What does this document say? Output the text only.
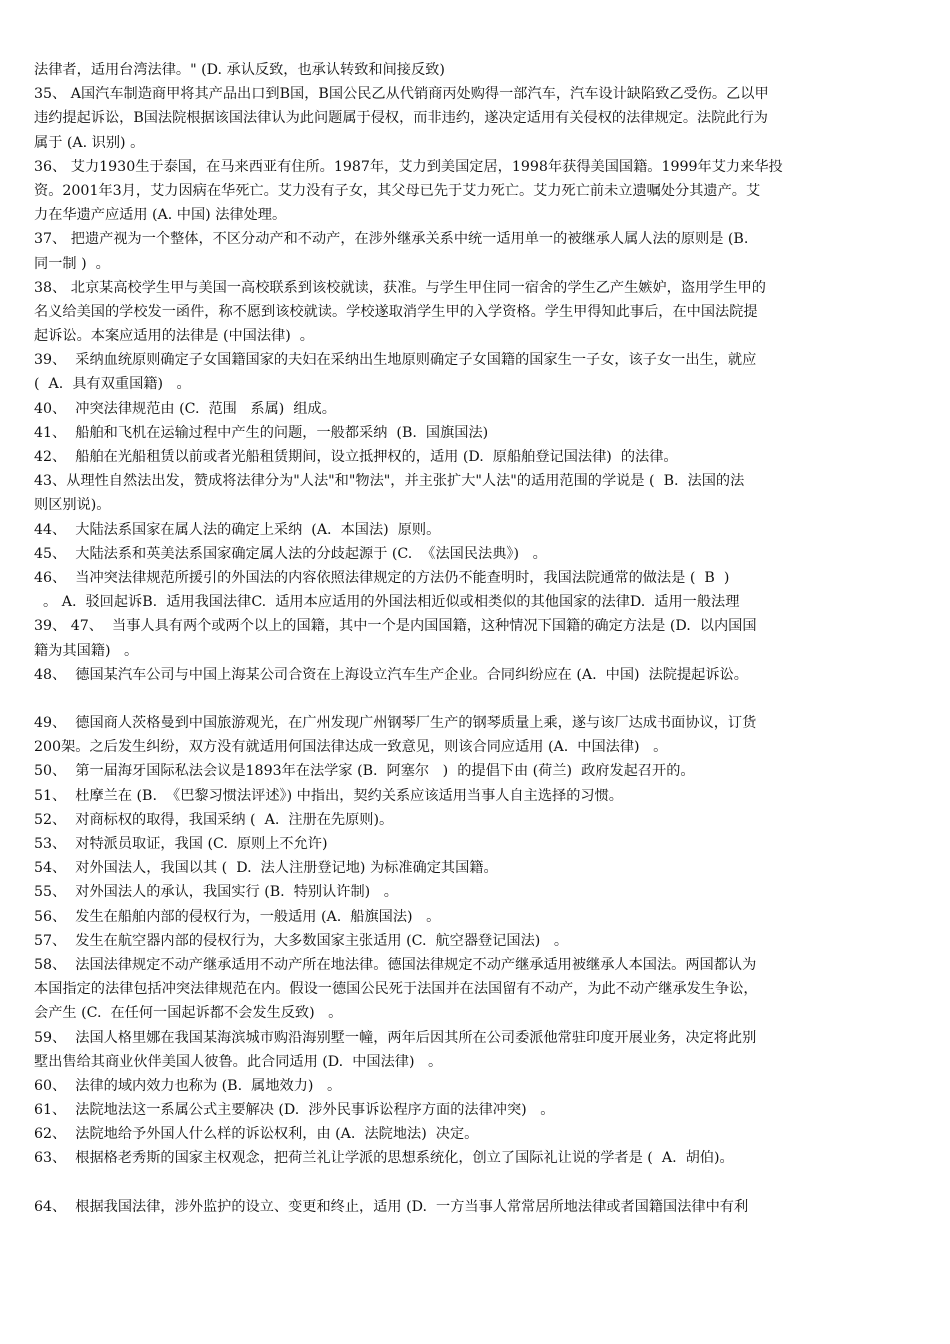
法律者，适用台湾法律。" (D. 承认反致，也承认转致和间接反致)
35、 A国汽车制造商甲将其产品出口到B国，B国公民乙从代销商丙处购得一部汽车，汽车设计缺陷致乙受伤。乙以甲
违约提起诉讼，B国法院根据该国法律认为此问题属于侵权，而非违约，遂决定适用有关侵权的法律规定。法院此行为
属于 (A. 识别) 。
36、 艾力1930生于泰国，在马来西亚有住所。1987年，艾力到美国定居，1998年获得美国国籍。1999年艾力来华投
资。2001年3月，艾力因病在华死亡。艾力没有子女，其父母已先于艾力死亡。艾力死亡前未立遗嘱处分其遗产。艾
力在华遗产应适用 (A. 中国) 法律处理。
37、 把遗产视为一个整体，不区分动产和不动产，在涉外继承关系中统一适用单一的被继承人属人法的原则是 (B.
同一制 )  。
38、 北京某高校学生甲与美国一高校联系到该校就读，获准。与学生甲住同一宿舍的学生乙产生嫉妒，盗用学生甲的
名义给美国的学校发一函件，称不愿到该校就读。学校遂取消学生甲的入学资格。学生甲得知此事后，在中国法院提
起诉讼。本案应适用的法律是 (中国法律)  。
39、  采纳血统原则确定子女国籍国家的夫妇在采纳出生地原则确定子女国籍的国家生一子女，该子女一出生，就应
(  A.  具有双重国籍)   。
40、  冲突法律规范由 (C.  范围   系属)  组成。
41、  船舶和飞机在运输过程中产生的问题，一般都采纳  (B.  国旗国法)
42、  船舶在光船租赁以前或者光船租赁期间，设立抵押权的，适用 (D.  原船舶登记国法律)  的法律。
43、从理性自然法出发，赞成将法律分为"人法"和"物法"，并主张扩大"人法"的适用范围的学说是 (  B.  法国的法
则区别说)。
44、  大陆法系国家在属人法的确定上采纳  (A.  本国法)  原则。
45、  大陆法系和英美法系国家确定属人法的分歧起源于 (C.  《法国民法典》)   。
46、  当冲突法律规范所援引的外国法的内容依照法律规定的方法仍不能查明时，我国法院通常的做法是 (  B  )
。 A.  驳回起诉B.  适用我国法律C.  适用本应适用的外国法相近似或相类似的其他国家的法律D.  适用一般法理
39、 47、  当事人具有两个或两个以上的国籍，其中一个是内国国籍，这种情况下国籍的确定方法是 (D.  以内国国
籍为其国籍)   。
48、  德国某汽车公司与中国上海某公司合资在上海设立汽车生产企业。合同纠纷应在 (A.  中国)  法院提起诉讼。
49、  德国商人茨格曼到中国旅游观光，在广州发现广州钢琴厂生产的钢琴质量上乘，遂与该厂达成书面协议，订货
200架。之后发生纠纷，双方没有就适用何国法律达成一致意见，则该合同应适用 (A.  中国法律)   。
50、  第一届海牙国际私法会议是1893年在法学家 (B.  阿塞尔   )  的提倡下由 (荷兰)  政府发起召开的。
51、  杜摩兰在 (B.  《巴黎习惯法评述》) 中指出，契约关系应该适用当事人自主选择的习惯。
52、  对商标权的取得，我国采纳 (  A.  注册在先原则)。
53、  对特派员取证，我国 (C.  原则上不允许)
54、  对外国法人，我国以其 (  D.  法人注册登记地) 为标准确定其国籍。
55、  对外国法人的承认，我国实行 (B.  特别认许制)   。
56、  发生在船舶内部的侵权行为，一般适用 (A.  船旗国法)   。
57、  发生在航空器内部的侵权行为，大多数国家主张适用 (C.  航空器登记国法)   。
58、  法国法律规定不动产继承适用不动产所在地法律。德国法律规定不动产继承适用被继承人本国法。两国都认为
本国指定的法律包括冲突法律规范在内。假设一德国公民死于法国并在法国留有不动产，为此不动产继承发生争讼，
会产生 (C.  在任何一国起诉都不会发生反致)   。
59、  法国人格里娜在我国某海滨城市购沿海别墅一幢，两年后因其所在公司委派他常驻印度开展业务，决定将此别
墅出售给其商业伙伴美国人彼鲁。此合同适用 (D.  中国法律)   。
60、  法律的域内效力也称为 (B.  属地效力)   。
61、  法院地法这一系属公式主要解决 (D.  涉外民事诉讼程序方面的法律冲突)   。
62、  法院地给予外国人什么样的诉讼权利，由 (A.  法院地法)  决定。
63、  根据格老秀斯的国家主权观念，把荷兰礼让学派的思想系统化，创立了国际礼让说的学者是 (  A.  胡伯)。
64、  根据我国法律，涉外监护的设立、变更和终止，适用 (D.  一方当事人常常居所地法律或者国籍国法律中有利
